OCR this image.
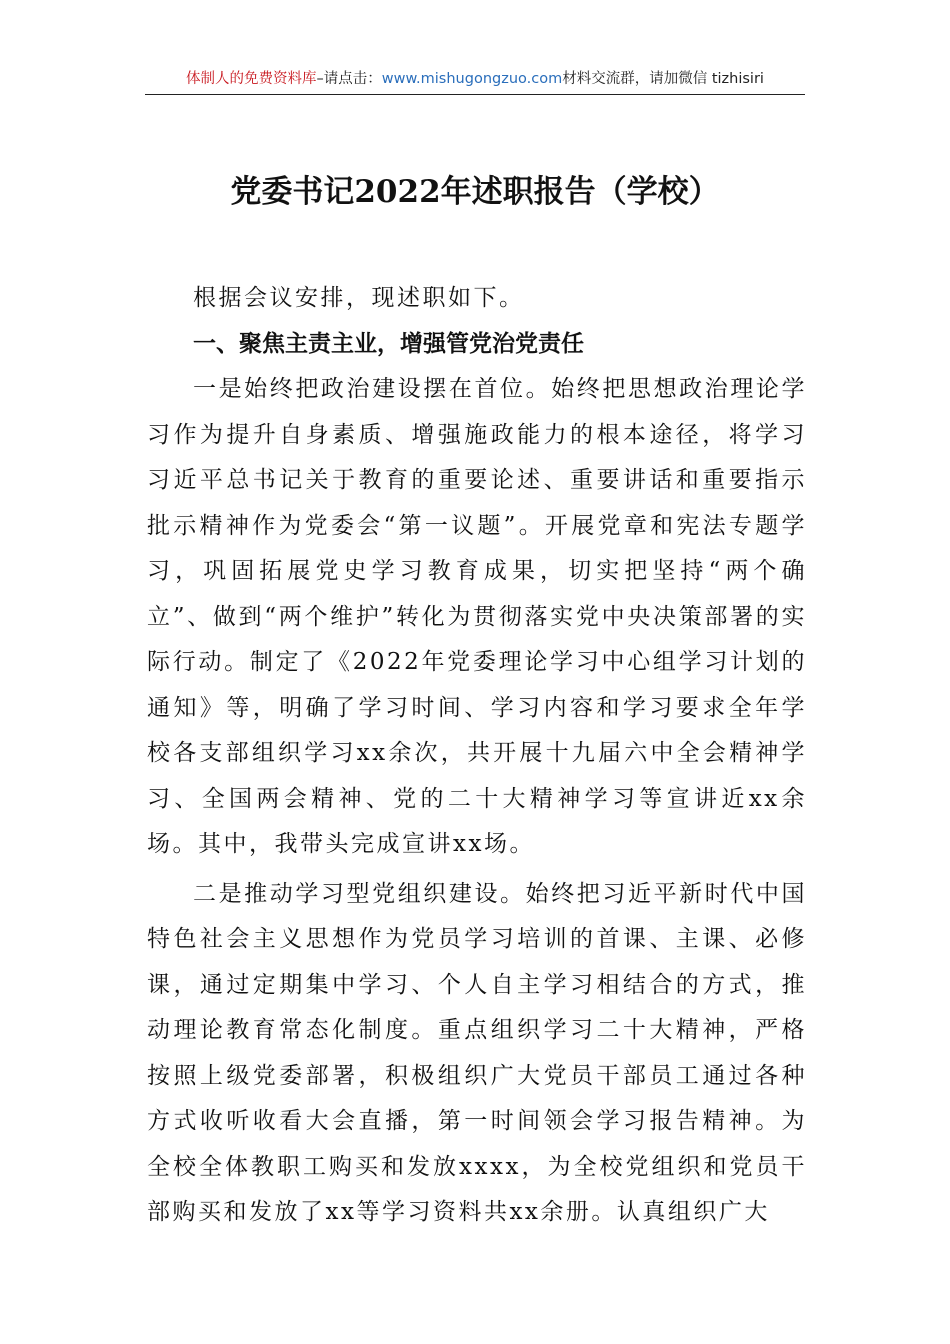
体制人的免费资料库–请点击：www.mishugongzuo.com材料交流群，请加微信 tizhisiri
党委书记2022年述职报告（学校）

根据会议安排，现述职如下。

一、聚焦主责主业，增强管党治党责任

一是始终把政治建设摆在首位。始终把思想政治理论学习作为提升自身素质、增强施政能力的根本途径，将学习习近平总书记关于教育的重要论述、重要讲话和重要指示批示精神作为党委会“第一议题”。开展党章和宪法专题学习，巩固拓展党史学习教育成果，切实把坚持“两个确立”、做到“两个维护”转化为贯彻落实党中央决策部署的实际行动。制定了《2022年党委理论学习中心组学习计划的通知》等，明确了学习时间、学习内容和学习要求全年学校各支部组织学习xx余次，共开展十九届六中全会精神学习、全国两会精神、党的二十大精神学习等宣讲近xx余场。其中，我带头完成宣讲xx场。

二是推动学习型党组织建设。始终把习近平新时代中国特色社会主义思想作为党员学习培训的首课、主课、必修课，通过定期集中学习、个人自主学习相结合的方式，推动理论教育常态化制度。重点组织学习二十大精神，严格按照上级党委部署，积极组织广大党员干部员工通过各种方式收听收看大会直播，第一时间领会学习报告精神。为全校全体教职工购买和发放xxxx，为全校党组织和党员干部购买和发放了xx等学习资料共xx余册。认真组织广大
